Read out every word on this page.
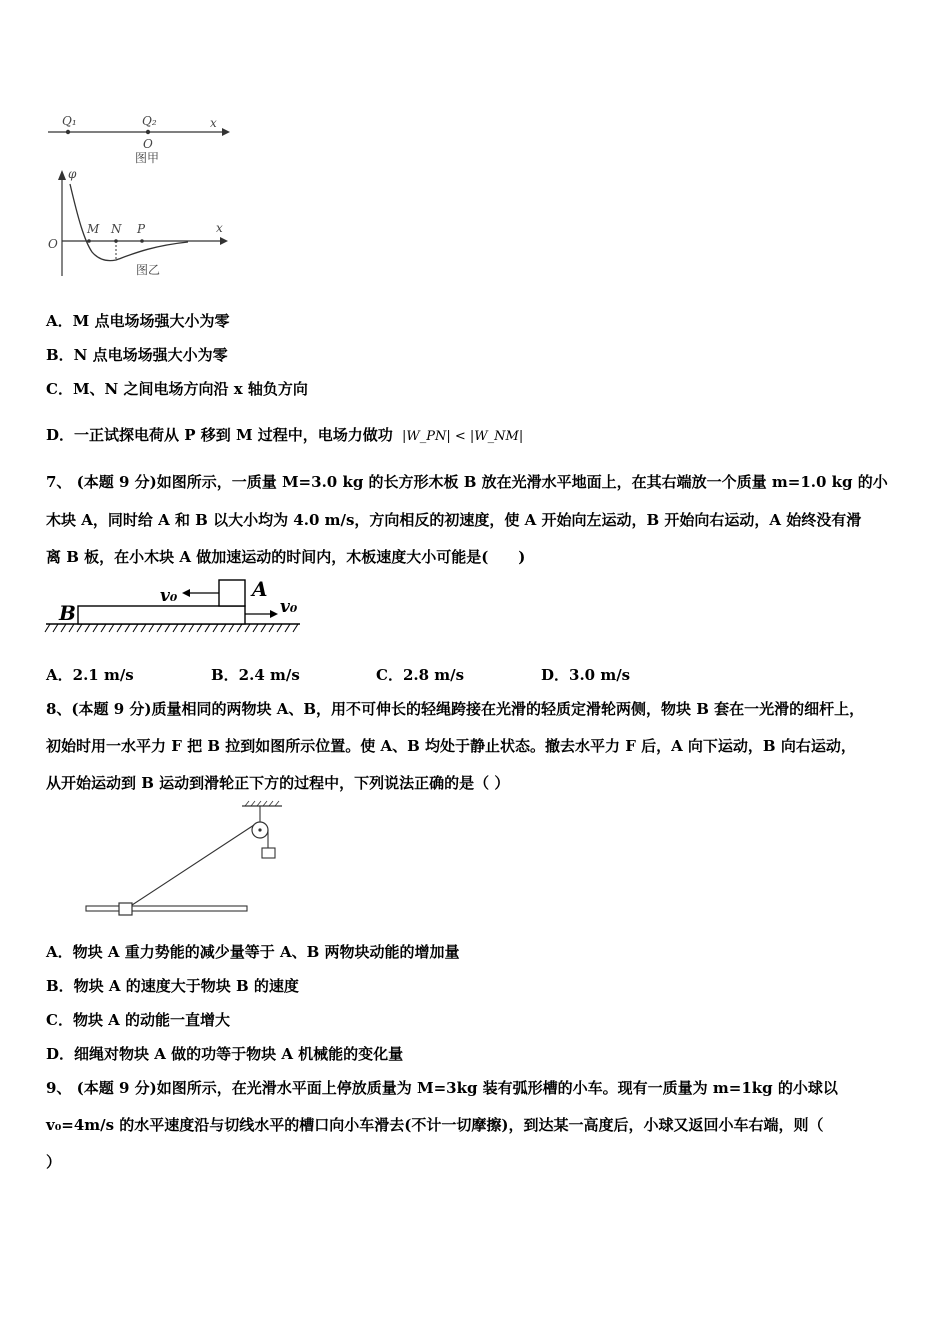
Q₁	Q₂	x
O
图甲
φ
O
M N P	x
图乙
A．M 点电场场强大小为零
B．N 点电场场强大小为零
C．M、N 之间电场方向沿 x 轴负方向
D．一正试探电荷从 P 移到 M 过程中，电场力做功 |W_PN| < |W_NM|
7、 (本题 9 分)如图所示，一质量 M=3.0 kg 的长方形木板 B 放在光滑水平地面上，在其右端放一个质量 m=1.0 kg 的小
木块 A，同时给 A 和 B 以大小均为 4.0 m/s，方向相反的初速度，使 A 开始向左运动，B 开始向右运动，A 始终没有滑
离 B 板，在小木块 A 做加速运动的时间内，木板速度大小可能是(　　)
B
A
v₀
v₀
A．2.1 m/s	B．2.4 m/s	C．2.8 m/s	D．3.0 m/s
8、(本题 9 分)质量相同的两物块 A、B，用不可伸长的轻绳跨接在光滑的轻质定滑轮两侧，物块 B 套在一光滑的细杆上，
初始时用一水平力 F 把 B 拉到如图所示位置。使 A、B 均处于静止状态。撤去水平力 F 后，A 向下运动，B 向右运动，
从开始运动到 B 运动到滑轮正下方的过程中，下列说法正确的是（ ）
A．物块 A 重力势能的减少量等于 A、B 两物块动能的增加量
B．物块 A 的速度大于物块 B 的速度
C．物块 A 的动能一直增大
D．细绳对物块 A 做的功等于物块 A 机械能的变化量
9、 (本题 9 分)如图所示，在光滑水平面上停放质量为 M=3kg 装有弧形槽的小车。现有一质量为 m=1kg 的小球以
v₀=4m/s 的水平速度沿与切线水平的槽口向小车滑去(不计一切摩擦)，到达某一高度后，小球又返回小车右端，则（
）
